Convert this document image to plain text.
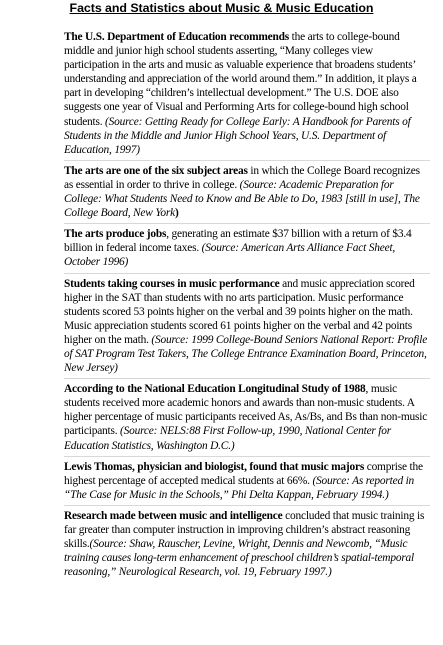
Facts and Statistics about Music & Music Education

The U.S. Department of Education recommends the arts to college-bound middle and junior high school students asserting, “Many colleges view participation in the arts and music as valuable experience that broadens students’ understanding and appreciation of the world around them.” In addition, it plays a part in developing “children’s intellectual development.” The U.S. DOE also suggests one year of Visual and Performing Arts for college-bound high school students. (Source: Getting Ready for College Early: A Handbook for Parents of Students in the Middle and Junior High School Years, U.S. Department of Education, 1997)

The arts are one of the six subject areas in which the College Board recognizes as essential in order to thrive in college. (Source: Academic Preparation for College: What Students Need to Know and Be Able to Do, 1983 [still in use], The College Board, New York)

The arts produce jobs, generating an estimate $37 billion with a return of $3.4 billion in federal income taxes. (Source: American Arts Alliance Fact Sheet, October 1996)

Students taking courses in music performance and music appreciation scored higher in the SAT than students with no arts participation. Music performance students scored 53 points higher on the verbal and 39 points higher on the math. Music appreciation students scored 61 points higher on the verbal and 42 points higher on the math. (Source: 1999 College-Bound Seniors National Report: Profile of SAT Program Test Takers, The College Entrance Examination Board, Princeton, New Jersey)

According to the National Education Longitudinal Study of 1988, music students received more academic honors and awards than non-music students. A higher percentage of music participants received As, As/Bs, and Bs than non-music participants. (Source: NELS:88 First Follow-up, 1990, National Center for Education Statistics, Washington D.C.)

Lewis Thomas, physician and biologist, found that music majors comprise the highest percentage of accepted medical students at 66%. (Source: As reported in “The Case for Music in the Schools,” Phi Delta Kappan, February 1994.)

Research made between music and intelligence concluded that music training is far greater than computer instruction in improving children’s abstract reasoning skills.(Source: Shaw, Rauscher, Levine, Wright, Dennis and Newcomb, “Music training causes long-term enhancement of preschool children’s spatial-temporal reasoning,” Neurological Research, vol. 19, February 1997.)
